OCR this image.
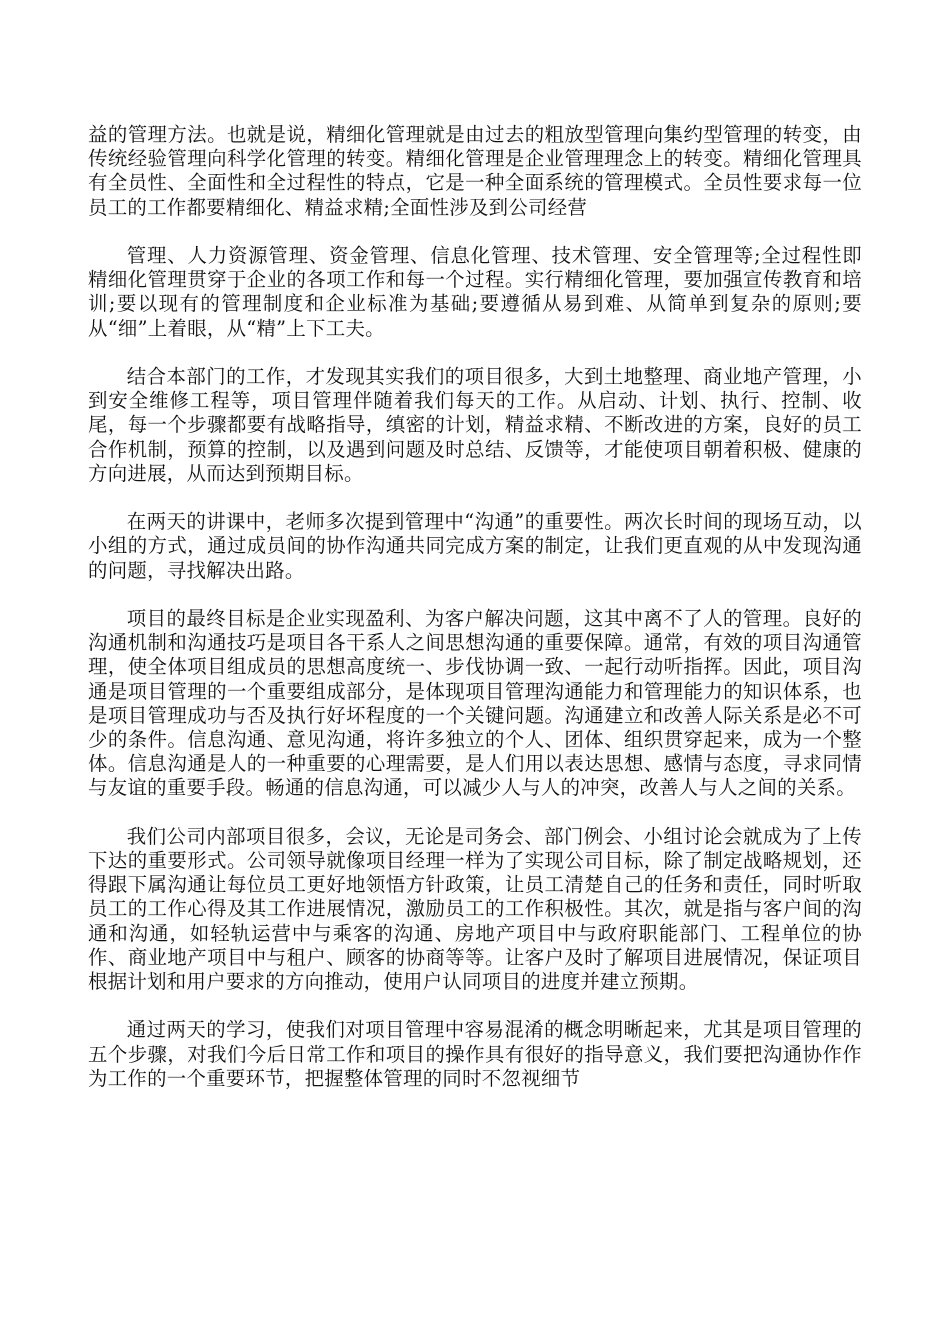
益的管理方法。也就是说，精细化管理就是由过去的粗放型管理向集约型管理的转变，由传统经验管理向科学化管理的转变。精细化管理是企业管理理念上的转变。精细化管理具有全员性、全面性和全过程性的特点，它是一种全面系统的管理模式。全员性要求每一位员工的工作都要精细化、精益求精;全面性涉及到公司经营

管理、人力资源管理、资金管理、信息化管理、技术管理、安全管理等;全过程性即精细化管理贯穿于企业的各项工作和每一个过程。实行精细化管理，要加强宣传教育和培训;要以现有的管理制度和企业标准为基础;要遵循从易到难、从简单到复杂的原则;要从“细”上着眼，从“精”上下工夫。

结合本部门的工作，才发现其实我们的项目很多，大到土地整理、商业地产管理，小到安全维修工程等，项目管理伴随着我们每天的工作。从启动、计划、执行、控制、收尾，每一个步骤都要有战略指导，缜密的计划，精益求精、不断改进的方案，良好的员工合作机制，预算的控制，以及遇到问题及时总结、反馈等，才能使项目朝着积极、健康的方向进展，从而达到预期目标。

在两天的讲课中，老师多次提到管理中“沟通”的重要性。两次长时间的现场互动，以小组的方式，通过成员间的协作沟通共同完成方案的制定，让我们更直观的从中发现沟通的问题，寻找解决出路。

项目的最终目标是企业实现盈利、为客户解决问题，这其中离不了人的管理。良好的沟通机制和沟通技巧是项目各干系人之间思想沟通的重要保障。通常，有效的项目沟通管理，使全体项目组成员的思想高度统一、步伐协调一致、一起行动听指挥。因此，项目沟通是项目管理的一个重要组成部分，是体现项目管理沟通能力和管理能力的知识体系，也是项目管理成功与否及执行好坏程度的一个关键问题。沟通建立和改善人际关系是必不可少的条件。信息沟通、意见沟通，将许多独立的个人、团体、组织贯穿起来，成为一个整体。信息沟通是人的一种重要的心理需要，是人们用以表达思想、感情与态度，寻求同情与友谊的重要手段。畅通的信息沟通，可以减少人与人的冲突，改善人与人之间的关系。

我们公司内部项目很多，会议，无论是司务会、部门例会、小组讨论会就成为了上传下达的重要形式。公司领导就像项目经理一样为了实现公司目标，除了制定战略规划，还得跟下属沟通让每位员工更好地领悟方针政策，让员工清楚自己的任务和责任，同时听取员工的工作心得及其工作进展情况，激励员工的工作积极性。其次，就是指与客户间的沟通和沟通，如轻轨运营中与乘客的沟通、房地产项目中与政府职能部门、工程单位的协作、商业地产项目中与租户、顾客的协商等等。让客户及时了解项目进展情况，保证项目根据计划和用户要求的方向推动，使用户认同项目的进度并建立预期。

通过两天的学习，使我们对项目管理中容易混淆的概念明晰起来，尤其是项目管理的五个步骤，对我们今后日常工作和项目的操作具有很好的指导意义，我们要把沟通协作作为工作的一个重要环节，把握整体管理的同时不忽视细节
